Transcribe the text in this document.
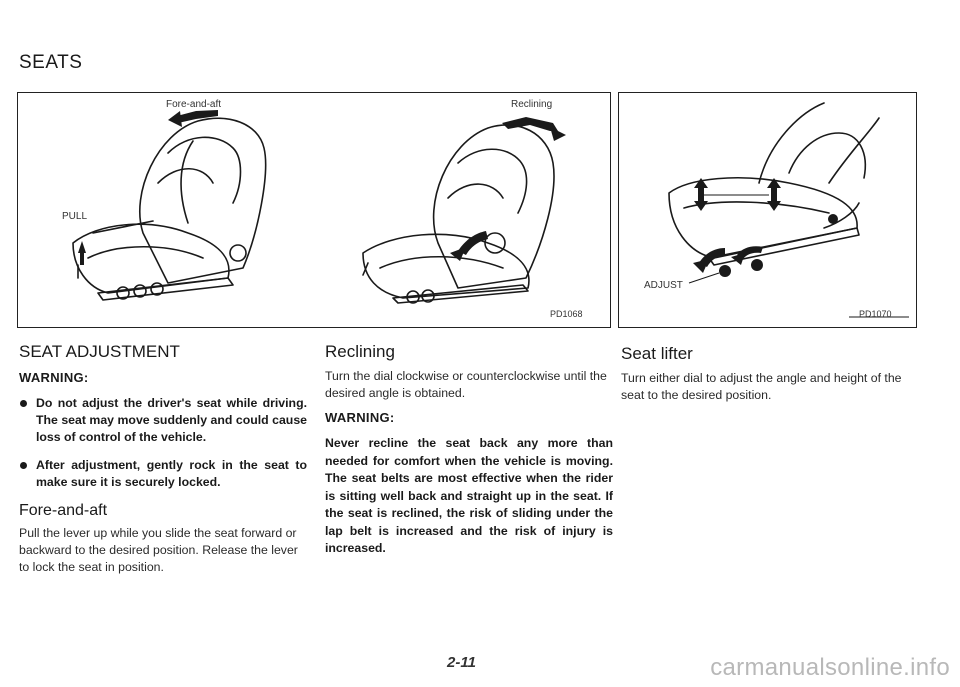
SEATS
Fore-and-aft	Reclining
PULL
PD1068
ADJUST
PD1070
SEAT ADJUSTMENT
WARNING:
Do not adjust the driver's seat while driving. The seat may move suddenly and could cause loss of control of the vehicle.
After adjustment, gently rock in the seat to make sure it is securely locked.
Fore-and-aft

Pull the lever up while you slide the seat forward or backward to the desired position. Release the lever to lock the seat in position.

Reclining

Turn the dial clockwise or counterclockwise until the desired angle is obtained.

WARNING:

Never recline the seat back any more than needed for comfort when the vehicle is moving. The seat belts are most effective when the rider is sitting well back and straight up in the seat. If the seat is reclined, the risk of sliding under the lap belt is increased and the risk of injury is increased.

Seat lifter

Turn either dial to adjust the angle and height of the seat to the desired position.

2-11	carmanualsonline.info
